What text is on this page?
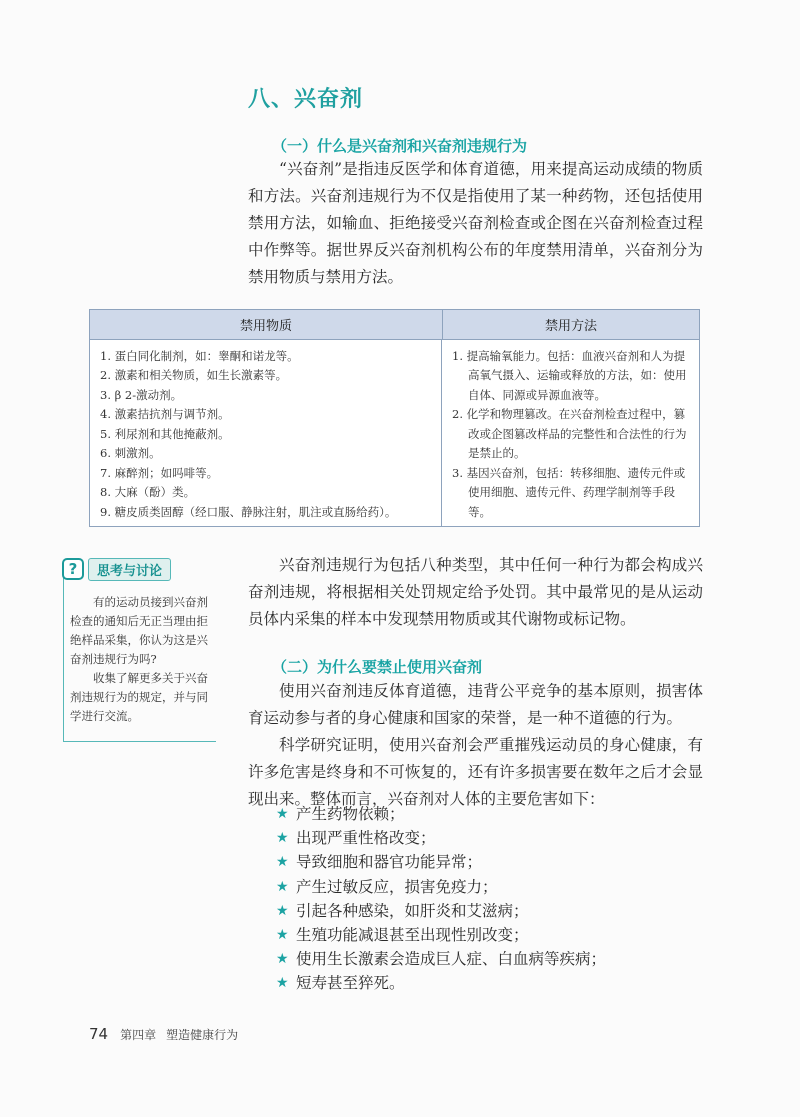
八、兴奋剂
（一）什么是兴奋剂和兴奋剂违规行为

“兴奋剂”是指违反医学和体育道德，用来提高运动成绩的物质和方法。兴奋剂违规行为不仅是指使用了某一种药物，还包括使用禁用方法，如输血、拒绝接受兴奋剂检查或企图在兴奋剂检查过程中作弊等。据世界反兴奋剂机构公布的年度禁用清单，兴奋剂分为禁用物质与禁用方法。

禁用物质	禁用方法
1. 蛋白同化制剂，如：睾酮和诺龙等。
2. 激素和相关物质，如生长激素等。
3. β 2-激动剂。
4. 激素拮抗剂与调节剂。
5. 利尿剂和其他掩蔽剂。
6. 刺激剂。
7. 麻醉剂；如吗啡等。
8. 大麻（酚）类。
9. 糖皮质类固醇（经口服、静脉注射，肌注或直肠给药）。
1. 提高输氧能力。包括：血液兴奋剂和人为提高氧气摄入、运输或释放的方法，如：使用自体、同源或异源血液等。
2. 化学和物理篡改。在兴奋剂检查过程中，篡改或企图篡改样品的完整性和合法性的行为是禁止的。
3. 基因兴奋剂，包括：转移细胞、遗传元件或使用细胞、遗传元件、药理学制剂等手段等。
?	思考与讨论

有的运动员接到兴奋剂检查的通知后无正当理由拒绝样品采集，你认为这是兴奋剂违规行为吗?

收集了解更多关于兴奋剂违规行为的规定，并与同学进行交流。

兴奋剂违规行为包括八种类型，其中任何一种行为都会构成兴奋剂违规，将根据相关处罚规定给予处罚。其中最常见的是从运动员体内采集的样本中发现禁用物质或其代谢物或标记物。

（二）为什么要禁止使用兴奋剂

使用兴奋剂违反体育道德，违背公平竞争的基本原则，损害体育运动参与者的身心健康和国家的荣誉，是一种不道德的行为。

科学研究证明，使用兴奋剂会严重摧残运动员的身心健康，有许多危害是终身和不可恢复的，还有许多损害要在数年之后才会显现出来。整体而言，兴奋剂对人体的主要危害如下：

★ 产生药物依赖；
★ 出现严重性格改变；
★ 导致细胞和器官功能异常；
★ 产生过敏反应，损害免疫力；
★ 引起各种感染，如肝炎和艾滋病；
★ 生殖功能减退甚至出现性别改变；
★ 使用生长激素会造成巨人症、白血病等疾病；
★ 短寿甚至猝死。
74 第四章 塑造健康行为
